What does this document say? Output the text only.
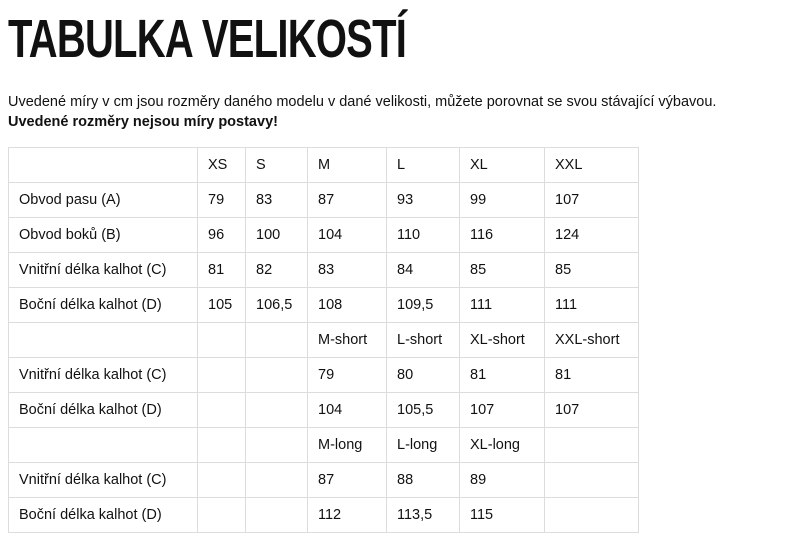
TABULKA VELIKOSTÍ

Uvedené míry v cm jsou rozměry daného modelu v dané velikosti, můžete porovnat se svou stávající výbavou.
Uvedené rozměry nejsou míry postavy!

	XS	S	M	L	XL	XXL
Obvod pasu (A)	79	83	87	93	99	107
Obvod boků (B)	96	100	104	110	116	124
Vnitřní délka kalhot (C)	81	82	83	84	85	85
Boční délka kalhot (D)	105	106,5	108	109,5	111	111
			M-short	L-short	XL-short	XXL-short
Vnitřní délka kalhot (C)			79	80	81	81
Boční délka kalhot (D)			104	105,5	107	107
			M-long	L-long	XL-long	
Vnitřní délka kalhot (C)			87	88	89	
Boční délka kalhot (D)			112	113,5	115	
